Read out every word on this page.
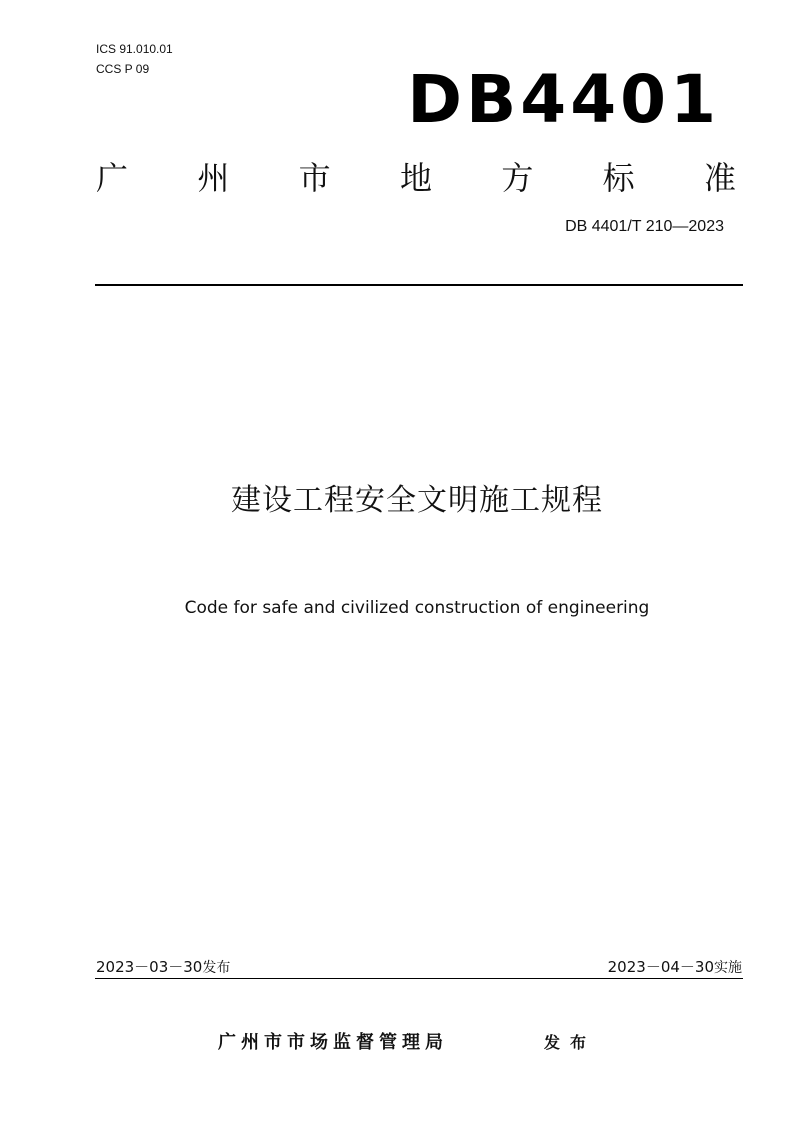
ICS 91.010.01
CCS P 09	DB4401
广 州 市 地 方 标 准
DB 4401/T 210—2023
建设工程安全文明施工规程
Code for safe and civilized construction of engineering
2023－03－30发布	2023－04－30实施
广州市市场监督管理局	发布
